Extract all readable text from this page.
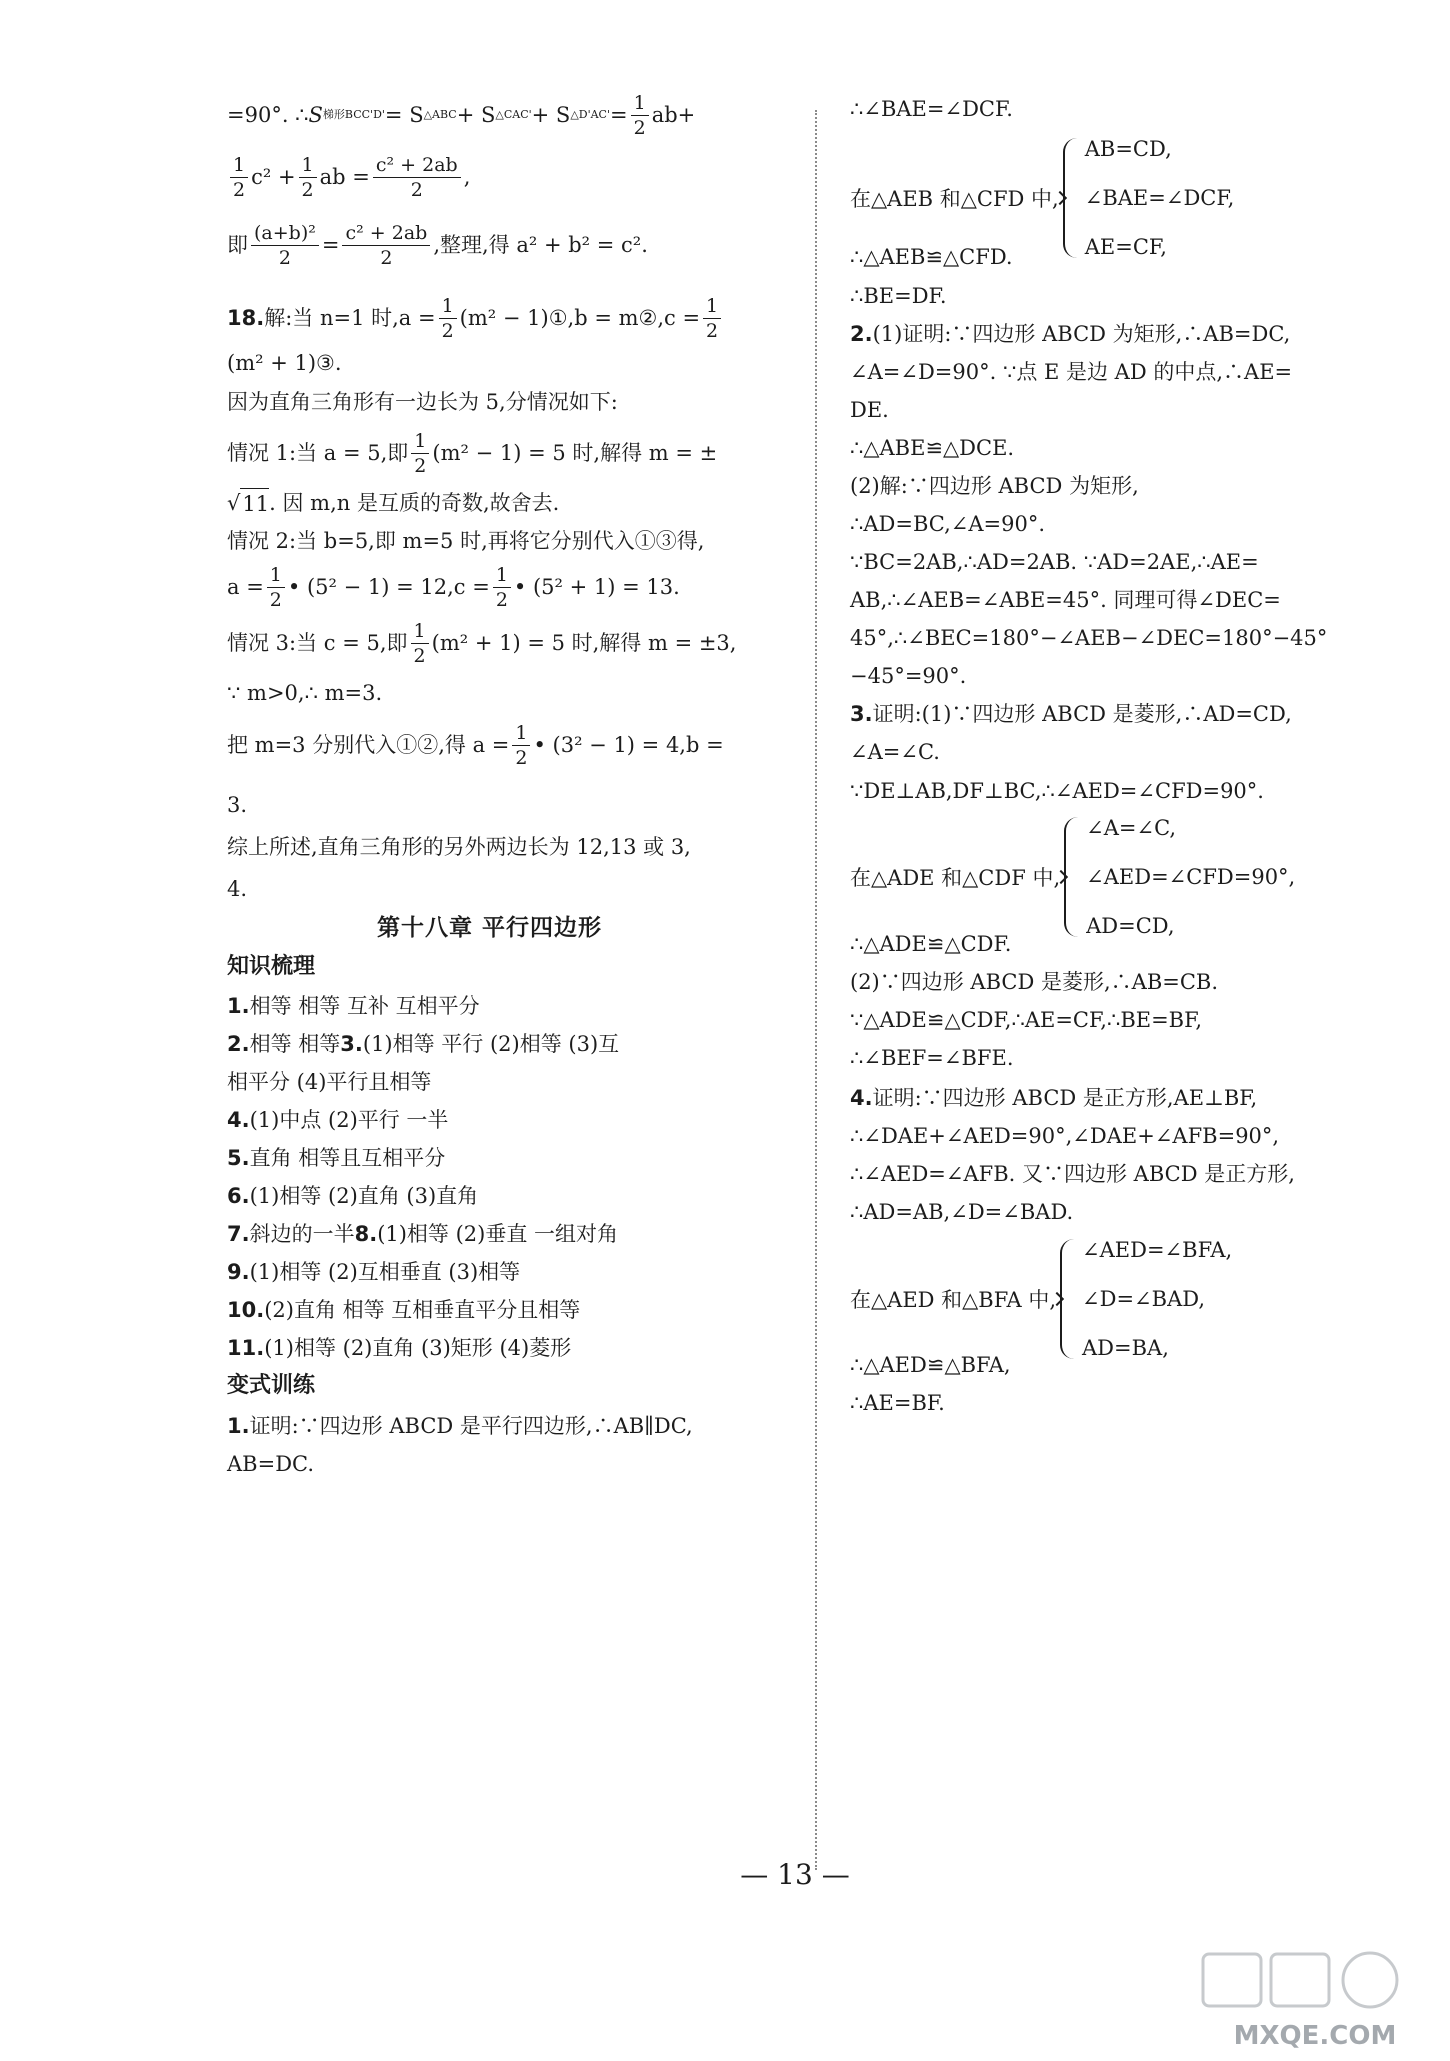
=90°. ∴ S 梯形BCC'D' = S △ABC + S △CAC' + S △D'AC' = $\frac{1}{2} ab+$
$\frac{1}{2} c^2 + \frac{1}{2}$ ab = $\frac{\text{c² + 2ab}}{2}$ ,
即 $\frac{\text{(a+b)²}}{2} = \frac{\text{c² + 2ab}}{2}$ ,整理,得 a² + b² = c².
18. 解:当 n=1 时$,a = \frac{1}{2} (m^2$ − 1)①,b = m②,c = $\frac{1}{2}$
(m² + 1)③.
因为直角三角形有一边长为 5,分情况如下:
情况 1:当 a = 5,即 $\frac{1}{2} (m^2 - 1) = 5$ 时,解得 m = ±
√ 11 . 因 m,n 是互质的奇数,故舍去.
情况 2:当 b=5,即 m=5 时,再将它分别代入①③得,
$a = \frac{1}{2}$ • $(5^2 - 1) = 12,c = \frac{1}{2}$ • (5² + 1) = 13.
情况 3:当 c = 5,即 $\frac{1}{2} (m^2 + 1) = 5$ 时,解得 m = ±3,
∵ m>0,∴ m=3.
把 m=3 分别代入①②,得 $a = \frac{1}{2}$ • (3² − 1) = 4,b =
3.
综上所述,直角三角形的另外两边长为 12,13 或 3,
4.
第十八章 平行四边形
知识梳理
1. 相等 相等 互补 互相平分
2. 相等 相等 3. (1)相等 平行 (2)相等 (3)互
相平分 (4)平行且相等
4. (1)中点 (2)平行 一半
5. 直角 相等且互相平分
6. (1)相等 (2)直角 (3)直角
7. 斜边的一半 8. (1)相等 (2)垂直 一组对角
9. (1)相等 (2)互相垂直 (3)相等
10. (2)直角 相等 互相垂直平分且相等
11. (1)相等 (2)直角 (3)矩形 (4)菱形
变式训练
1. 证明:∵四边形 ABCD 是平行四边形,∴AB∥DC,
AB=DC.
∴∠BAE=∠DCF.
在△AEB 和△CFD 中,
AB=CD,
∠BAE=∠DCF,
AE=CF,
∴△AEB≌△CFD.
∴BE=DF.
2. (1)证明:∵四边形 ABCD 为矩形,∴AB=DC,
∠A=∠D=90°. ∵点 E 是边 AD 的中点,∴AE=
DE.
∴△ABE≌△DCE.
(2)解:∵四边形 ABCD 为矩形,
∴AD=BC,∠A=90°.
∵BC=2AB,∴AD=2AB. ∵AD=2AE,∴AE=
AB,∴∠AEB=∠ABE=45°. 同理可得∠DEC=
45°,∴∠BEC=180°−∠AEB−∠DEC=180°−45°
−45°=90°.
3. 证明:(1)∵四边形 ABCD 是菱形,∴AD=CD,
∠A=∠C.
∵DE⊥AB,DF⊥BC,∴∠AED=∠CFD=90°.
在△ADE 和△CDF 中,
∠A=∠C,
∠AED=∠CFD=90°,
AD=CD,
∴△ADE≌△CDF.
(2)∵四边形 ABCD 是菱形,∴AB=CB.
∵△ADE≌△CDF,∴AE=CF,∴BE=BF,
∴∠BEF=∠BFE.
4. 证明:∵四边形 ABCD 是正方形,AE⊥BF,
∴∠DAE+∠AED=90°,∠DAE+∠AFB=90°,
∴∠AED=∠AFB. 又∵四边形 ABCD 是正方形,
∴AD=AB,∠D=∠BAD.
在△AED 和△BFA 中,
∠AED=∠BFA,
∠D=∠BAD,
AD=BA,
∴△AED≌△BFA,
∴AE=BF.
— 13 —
MXQE.COM
